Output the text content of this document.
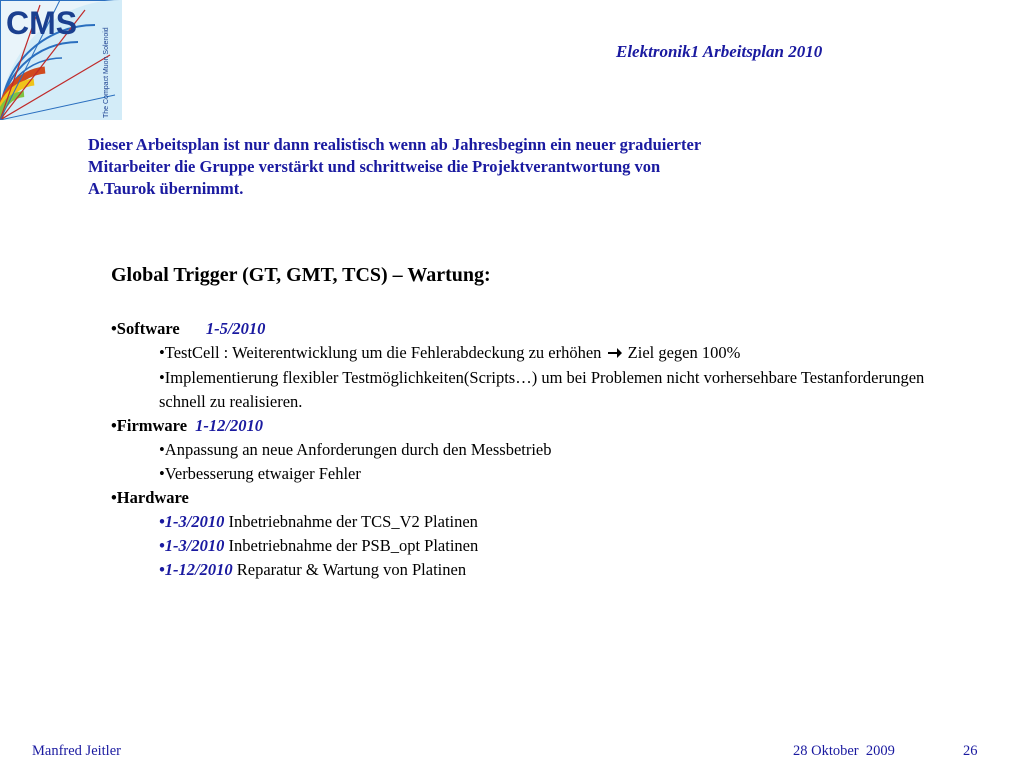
CMS
The Compact Muon Solenoid	Elektronik1 Arbeitsplan 2010

Dieser Arbeitsplan ist nur dann realistisch wenn ab Jahresbeginn ein neuer graduierter

Mitarbeiter die Gruppe verstärkt und schrittweise die Projektverantwortung von

A.Taurok übernimmt.

Global Trigger (GT, GMT, TCS) – Wartung:
•Software 1-5/2010
•TestCell : Weiterentwicklung um die Fehlerabdeckung zu erhöhen Ziel gegen 100%
•Implementierung flexibler Testmöglichkeiten(Scripts…) um bei Problemen nicht vorhersehbare Testanforderungen schnell zu realisieren.
•Firmware 1-12/2010
•Anpassung an neue Anforderungen durch den Messbetrieb
•Verbesserung etwaiger Fehler
•Hardware
•1-3/2010 Inbetriebnahme der TCS_V2 Platinen
•1-3/2010 Inbetriebnahme der PSB_opt Platinen
•1-12/2010 Reparatur & Wartung von Platinen
Manfred Jeitler	28 Oktober  2009	26
